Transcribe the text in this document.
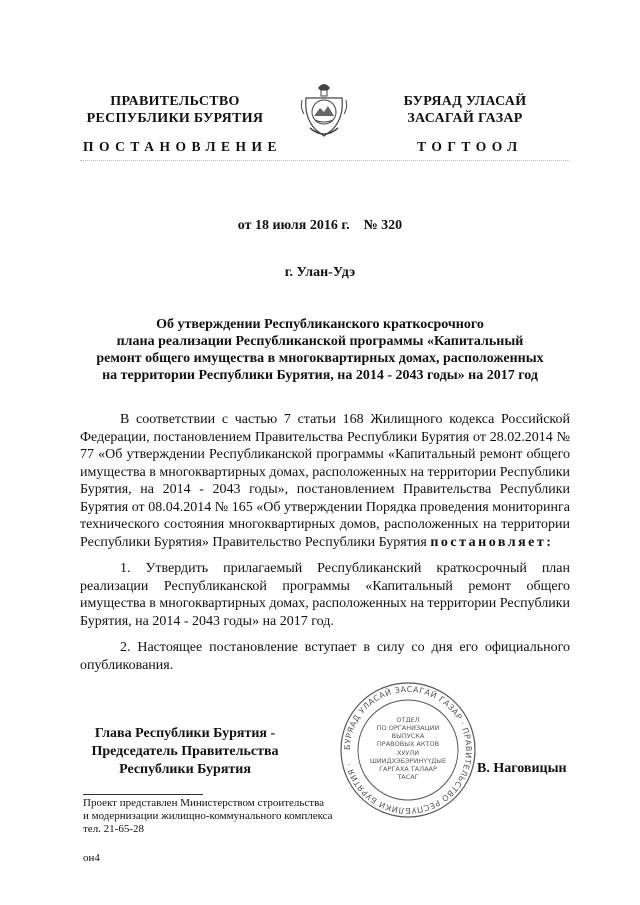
ПРАВИТЕЛЬСТВО
РЕСПУБЛИКИ БУРЯТИЯ
БУРЯАД УЛАСАЙ
ЗАСАГАЙ ГАЗАР
ПОСТАНОВЛЕНИЕ	ТОГТООЛ
от 18 июля 2016 г.    № 320
г. Улан-Удэ
Об утверждении Республиканского краткосрочного
плана реализации Республиканской программы «Капитальный
ремонт общего имущества в многоквартирных домах, расположенных
на территории Республики Бурятия, на 2014 - 2043 годы» на 2017 год

В соответствии с частью 7 статьи 168 Жилищного кодекса Российской Федерации, постановлением Правительства Республики Бурятия от 28.02.2014 № 77 «Об утверждении Республиканской программы «Капитальный ремонт общего имущества в многоквартирных домах, расположенных на территории Республики Бурятия, на 2014 - 2043 годы», постановлением Правительства Республики Бурятия от 08.04.2014 № 165 «Об утверждении Порядка проведения мониторинга технического состояния многоквартирных домов, расположенных на территории Республики Бурятия» Правительство Республики Бурятия постановляет:

1. Утвердить прилагаемый Республиканский краткосрочный план реализации Республиканской программы «Капитальный ремонт общего имущества в многоквартирных домах, расположенных на территории Республики Бурятия, на 2014 - 2043 годы» на 2017 год.

2. Настоящее постановление вступает в силу со дня его официального опубликования.

Глава Республики Бурятия -
Председатель Правительства
Республики Бурятия	В. Наговицын
БУРЯАД УЛАСАЙ ЗАСАГАЙ ГАЗАР · ПРАВИТЕЛЬСТВО РЕСПУБЛИКИ БУРЯТИЯ ·
ОТДЕЛ
ПО ОРГАНИЗАЦИИ
ВЫПУСКА
ПРАВОВЫХ АКТОВ
ХУУЛИ
ШИИДХЭБЭРИНҮҮДЫЕ
ГАРГАХА ТАЛААР
ТАСАГ
Проект представлен Министерством строительства
и модернизации жилищно-коммунального комплекса
тел. 21-65-28
он4
